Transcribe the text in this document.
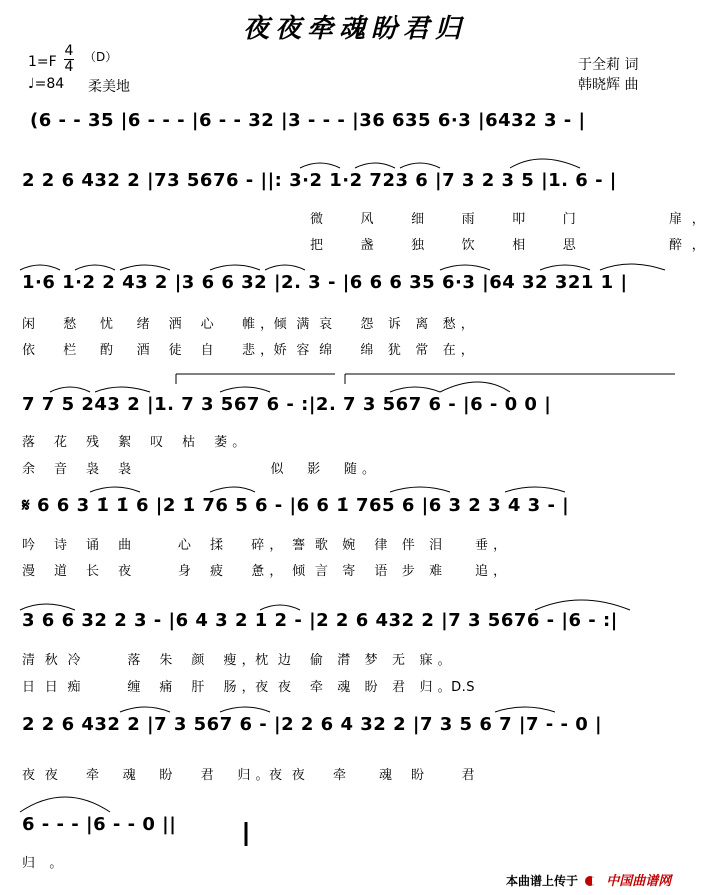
夜夜牵魂盼君归
$1=F \frac{4}{4} (D)$
♩=84 柔美地
于全莉 词
韩晓辉 曲
(6 - - 35 |6 - - - |6 - - 32 |3 - - - |36 635 6·3 |6432 3 - |
2 2 6 432 2 |73 5676 - ||: 3·2 1·2 723 6 |7 3 2 3 5 |1. 6 - |
微        风        细        雨        叩        门                    扉  ，
把        盏        独        饮        相        思                    醉  ，
1·6 1·2 2 43 2 |3 6 6 32 |2. 3 - |6 6 6 35 6·3 |64 32 321 1 |
闲      愁     忧     绪    洒    心      帷 ，倾  满  哀      怨   诉   离   愁 ，
依      栏     酌     酒    徒    自      悲 ，娇  容  绵      绵   犹   常   在 ，
7 7 5 243 2 |1. 7 3 567 6 - :|2. 7 3 567 6 - |6 - 0 0 |
落    花    残    絮    叹    枯    萎 。
余    音    袅    袅                              似     影     随 。
𝄋 6 6 3 1̇ 1̇ 6 |2 1̇ 76 5 6 - |6 6 1̇ 765 6 |6 3 2 3 4 3 - |
吟    诗    诵    曲          心    揉      碎 ，  謇  歌   婉    律   伴   泪       垂 ，
漫    道    长    夜          身    疲      惫 ，  倾  言   寄    语   步   难       追 ，
3 6 6 32 2 3 - |6 4 3 2 1 2 - |2 2 6 432 2 |7 3 5676 - |6 - :|
清  秋  冷          落    朱    颜    瘦 ，枕  边    偷   潸   梦   无   寐 。
日  日  痴          缠    痛    肝    肠 ，夜  夜    牵   魂   盼   君   归 。D.S
2 2 6 432 2 |7 3 567 6 - |2 2 6 4 32 2 |7 3 5 6 7 |7 - - 0 |
夜  夜      牵     魂     盼      君     归 。夜  夜      牵       魂    盼        君
6 - - - |6 - - 0 ||
归   。
本曲谱上传于 中国曲谱网
